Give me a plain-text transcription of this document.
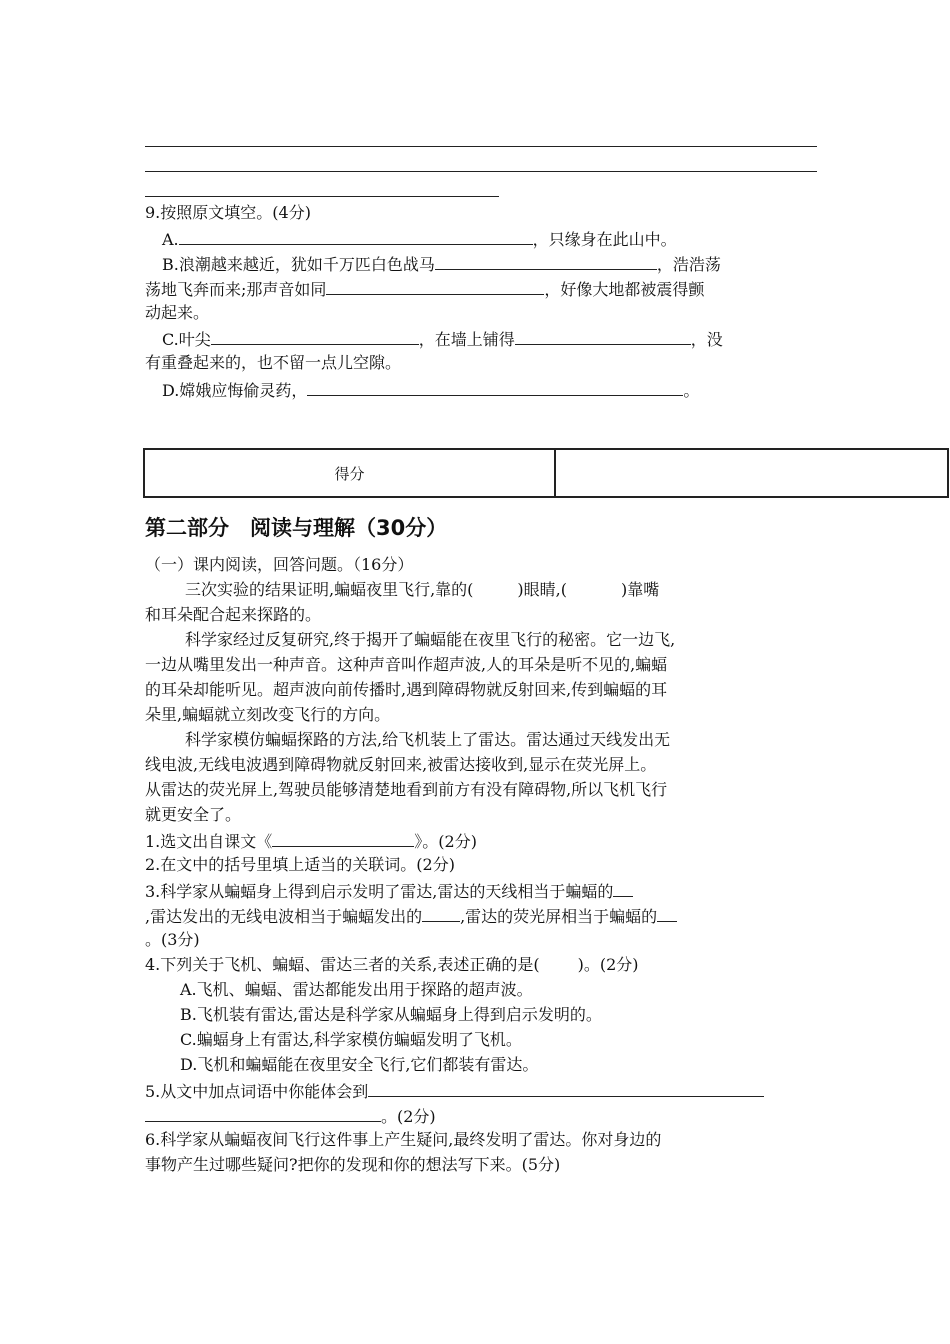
9.按照原文填空。(4分)
A.	，只缘身在此山中。
B.浪潮越来越近，犹如千万匹白色战马	，浩浩荡
荡地飞奔而来;那声音如同	，好像大地都被震得颤
动起来。
C.叶尖	，在墙上铺得	，没
有重叠起来的，也不留一点儿空隙。
D.嫦娥应悔偷灵药，	。
得分
第二部分　阅读与理解（30分）
（一）课内阅读，回答问题。（16分）
三次实验的结果证明,蝙蝠夜里飞行,靠的(	)眼睛,(	)靠嘴
和耳朵配合起来探路的。
科学家经过反复研究,终于揭开了蝙蝠能在夜里飞行的秘密。它一边飞,
一边从嘴里发出一种声音。这种声音叫作超声波,人的耳朵是听不见的,蝙蝠
的耳朵却能听见。超声波向前传播时,遇到障碍物就反射回来,传到蝙蝠的耳
朵里,蝙蝠就立刻改变飞行的方向。
科学家模仿蝙蝠探路的方法,给飞机装上了雷达。雷达通过天线发出无
线电波,无线电波遇到障碍物就反射回来,被雷达接收到,显示在荧光屏上。
从雷达的荧光屏上,驾驶员能够清楚地看到前方有没有障碍物,所以飞机飞行
就更安全了。
1.选文出自课文《	》。(2分)
2.在文中的括号里填上适当的关联词。(2分)
3.科学家从蝙蝠身上得到启示发明了雷达,雷达的天线相当于蝙蝠的
,雷达发出的无线电波相当于蝙蝠发出的 ,雷达的荧光屏相当于蝙蝠的
。(3分)
4.下列关于飞机、蝙蝠、雷达三者的关系,表述正确的是( )。(2分)
A.飞机、蝙蝠、雷达都能发出用于探路的超声波。
B.飞机装有雷达,雷达是科学家从蝙蝠身上得到启示发明的。
C.蝙蝠身上有雷达,科学家模仿蝙蝠发明了飞机。
D.飞机和蝙蝠能在夜里安全飞行,它们都装有雷达。
5.从文中加点词语中你能体会到
。(2分)
6.科学家从蝙蝠夜间飞行这件事上产生疑问,最终发明了雷达。你对身边的
事物产生过哪些疑问?把你的发现和你的想法写下来。(5分)
